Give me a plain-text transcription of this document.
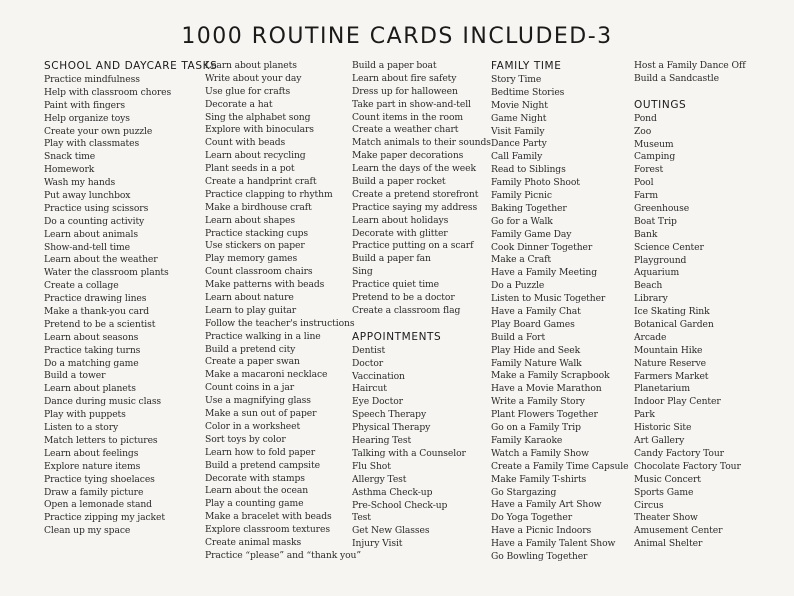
1000 ROUTINE CARDS INCLUDED-3
SCHOOL AND DAYCARE TASKS
Practice mindfulness
Help with classroom chores
Paint with fingers
Help organize toys
Create your own puzzle
Play with classmates
Snack time
Homework
Wash my hands
Put away lunchbox
Practice using scissors
Do a counting activity
Learn about animals
Show-and-tell time
Learn about the weather
Water the classroom plants
Create a collage
Practice drawing lines
Make a thank-you card
Pretend to be a scientist
Learn about seasons
Practice taking turns
Do a matching game
Build a tower
Learn about planets
Dance during music class
Play with puppets
Listen to a story
Match letters to pictures
Learn about feelings
Explore nature items
Practice tying shoelaces
Draw a family picture
Open a lemonade stand
Practice zipping my jacket
Clean up my space
Learn about planets
Write about your day
Use glue for crafts
Decorate a hat
Sing the alphabet song
Explore with binoculars
Count with beads
Learn about recycling
Plant seeds in a pot
Create a handprint craft
Practice clapping to rhythm
Make a birdhouse craft
Learn about shapes
Practice stacking cups
Use stickers on paper
Play memory games
Count classroom chairs
Make patterns with beads
Learn about nature
Learn to play guitar
Follow the teacher's instructions
Practice walking in a line
Build a pretend city
Create a paper swan
Make a macaroni necklace
Count coins in a jar
Use a magnifying glass
Make a sun out of paper
Color in a worksheet
Sort toys by color
Learn how to fold paper
Build a pretend campsite
Decorate with stamps
Learn about the ocean
Play a counting game
Make a bracelet with beads
Explore classroom textures
Create animal masks
Practice “please” and “thank you”
Build a paper boat
Learn about fire safety
Dress up for halloween
Take part in show-and-tell
Count items in the room
Create a weather chart
Match animals to their sounds
Make paper decorations
Learn the days of the week
Build a paper rocket
Create a pretend storefront
Practice saying my address
Learn about holidays
Decorate with glitter
Practice putting on a scarf
Build a paper fan
Sing
Practice quiet time
Pretend to be a doctor
Create a classroom flag
APPOINTMENTS
Dentist
Doctor
Vaccination
Haircut
Eye Doctor
Speech Therapy
Physical Therapy
Hearing Test
Talking with a Counselor
Flu Shot
Allergy Test
Asthma Check-up
Pre-School Check-up
Test
Get New Glasses
Injury Visit
FAMILY TIME
Story Time
Bedtime Stories
Movie Night
Game Night
Visit Family
Dance Party
Call Family
Read to Siblings
Family Photo Shoot
Family Picnic
Baking Together
Go for a Walk
Family Game Day
Cook Dinner Together
Make a Craft
Have a Family Meeting
Do a Puzzle
Listen to Music Together
Have a Family Chat
Play Board Games
Build a Fort
Play Hide and Seek
Family Nature Walk
Make a Family Scrapbook
Have a Movie Marathon
Write a Family Story
Plant Flowers Together
Go on a Family Trip
Family Karaoke
Watch a Family Show
Create a Family Time Capsule
Make Family T-shirts
Go Stargazing
Have a Family Art Show
Do Yoga Together
Have a Picnic Indoors
Have a Family Talent Show
Go Bowling Together
Host a Family Dance Off
Build a Sandcastle
OUTINGS
Pond
Zoo
Museum
Camping
Forest
Pool
Farm
Greenhouse
Boat Trip
Bank
Science Center
Playground
Aquarium
Beach
Library
Ice Skating Rink
Botanical Garden
Arcade
Mountain Hike
Nature Reserve
Farmers Market
Planetarium
Indoor Play Center
Park
Historic Site
Art Gallery
Candy Factory Tour
Chocolate Factory Tour
Music Concert
Sports Game
Circus
Theater Show
Amusement Center
Animal Shelter
